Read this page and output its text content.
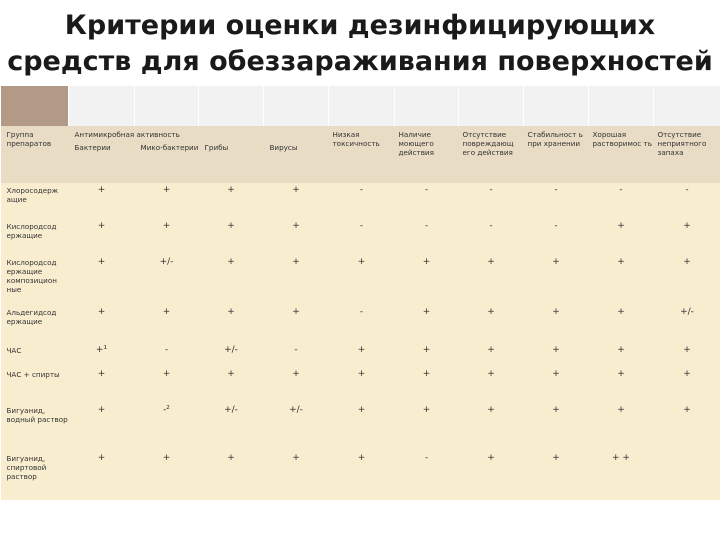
Критерии оценки дезинфицирующих средств для обеззараживания поверхностей

Группа препаратов	Антимикробная активность				Низкая токсичность	Наличие моющего действия	Отсутствие повреждающ его действия	Стабильност ь при хранении	Хорошая растворимос ть	Отсутствие неприятного запаха
	Бактерии	Мико-бактерии	Грибы	Вирусы						
Хлоросодерж ащие	+	+	+	+	-	-	-	-	-	-
Кислородсод ержащие	+	+	+	+	-	-	-	-	+	+
Кислородсод ержащие композицион ные	+	+/-	+	+	+	+	+	+	+	+
Альдегидсод ержащие	+	+	+	+	-	+	+	+	+	+/-
ЧАС	+¹	-	+/-	-	+	+	+	+	+	+
ЧАС + спирты	+	+	+	+	+	+	+	+	+	+
Бигуанид, водный раствор	+	-²	+/-	+/-	+	+	+	+	+	+
Бигуанид, спиртовой раствор	+	+	+	+	+	-	+	+	+ +	
